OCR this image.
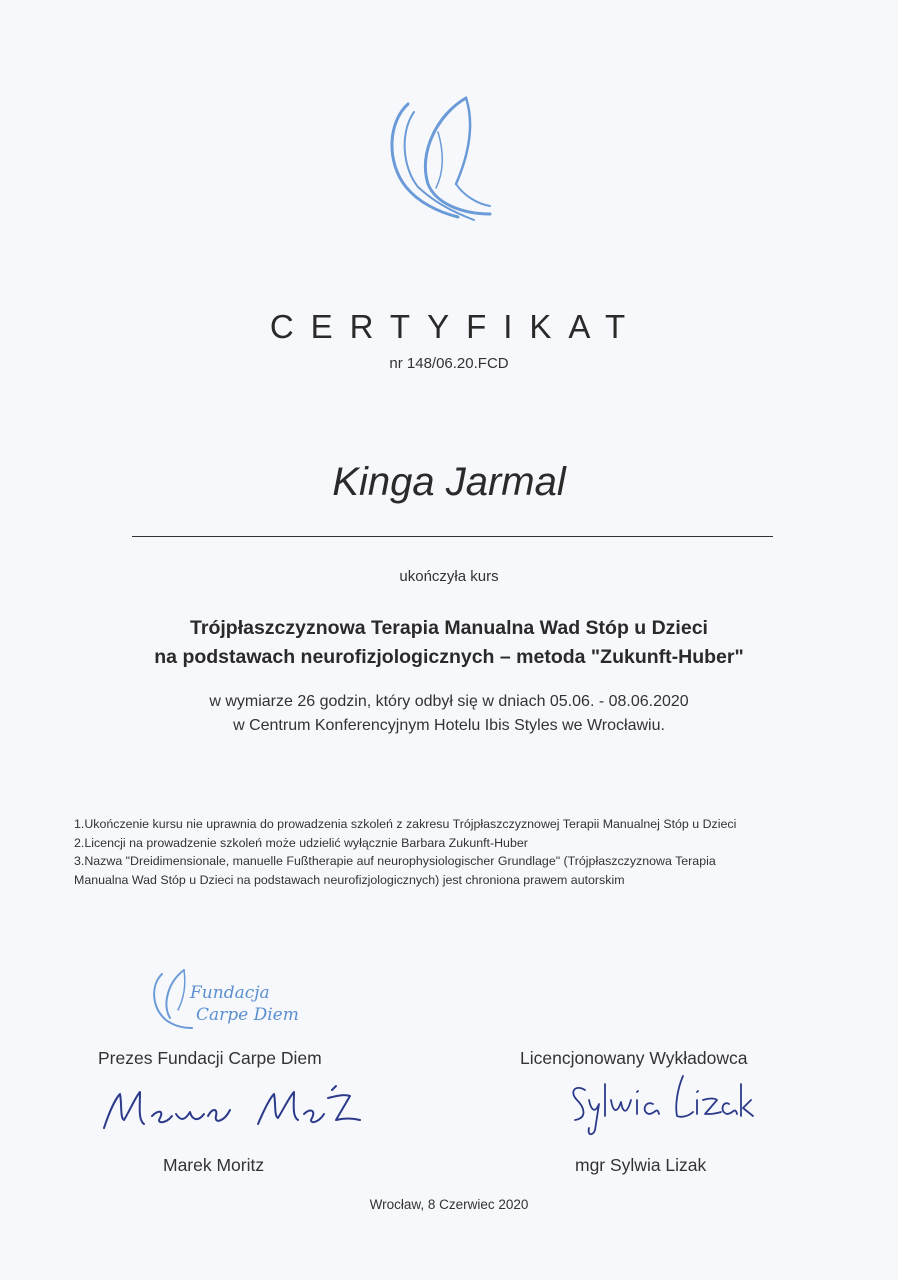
CERTYFIKAT
nr 148/06.20.FCD
Kinga Jarmal
ukończyła kurs
Trójpłaszczyznowa Terapia Manualna Wad Stóp u Dzieci
na podstawach neurofizjologicznych – metoda "Zukunft-Huber"
w wymiarze 26 godzin, który odbył się w dniach 05.06. - 08.06.2020
w Centrum Konferencyjnym Hotelu Ibis Styles we Wrocławiu.
1.Ukończenie kursu nie uprawnia do prowadzenia szkoleń z zakresu Trójpłaszczyznowej Terapii Manualnej Stóp u Dzieci
2.Licencji na prowadzenie szkoleń może udzielić wyłącznie Barbara Zukunft-Huber
3.Nazwa "Dreidimensionale, manuelle Fußtherapie auf neurophysiologischer Grundlage" (Trójpłaszczyznowa Terapia
Manualna Wad Stóp u Dzieci na podstawach neurofizjologicznych) jest chroniona prawem autorskim
Fundacja
Carpe Diem
Prezes Fundacji Carpe Diem	Licencjonowany Wykładowca
Marek Moritz	mgr Sylwia Lizak
Wrocław, 8 Czerwiec 2020
